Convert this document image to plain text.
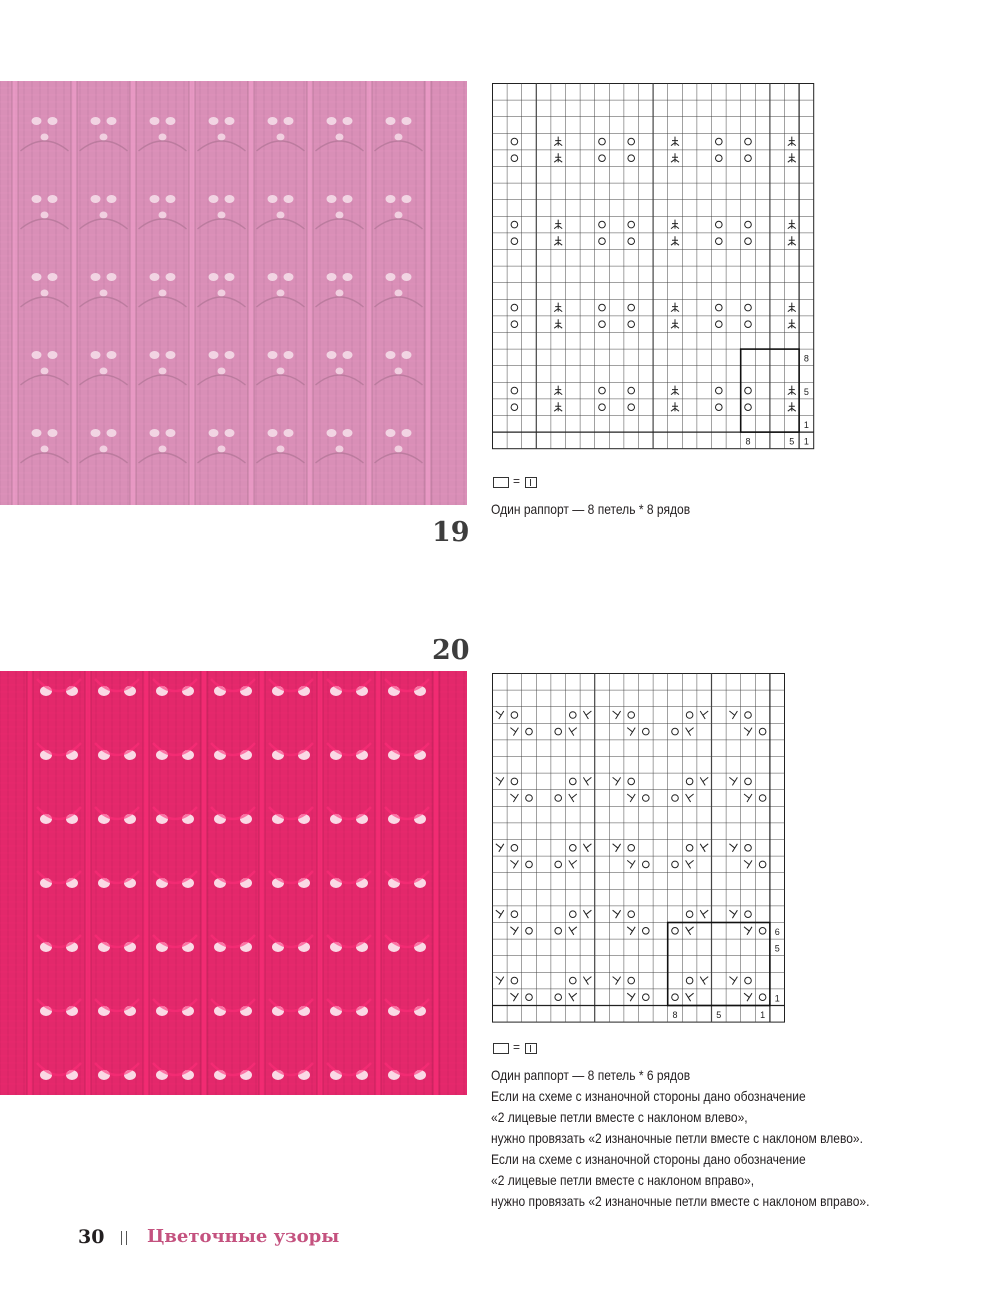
19
8	5 1
8
5
1
=
Один раппорт — 8 петель * 8 рядов
20
8	5	1
6
5
1
=
Один раппорт — 8 петель * 6 рядов
Если на схеме с изнаночной стороны дано обозначение
«2 лицевые петли вместе с наклоном влево»,
нужно провязать «2 изнаночные петли вместе с наклоном влево».
Если на схеме с изнаночной стороны дано обозначение
«2 лицевые петли вместе с наклоном вправо»,
нужно провязать «2 изнаночные петли вместе с наклоном вправо».
30 Цветочные узоры
